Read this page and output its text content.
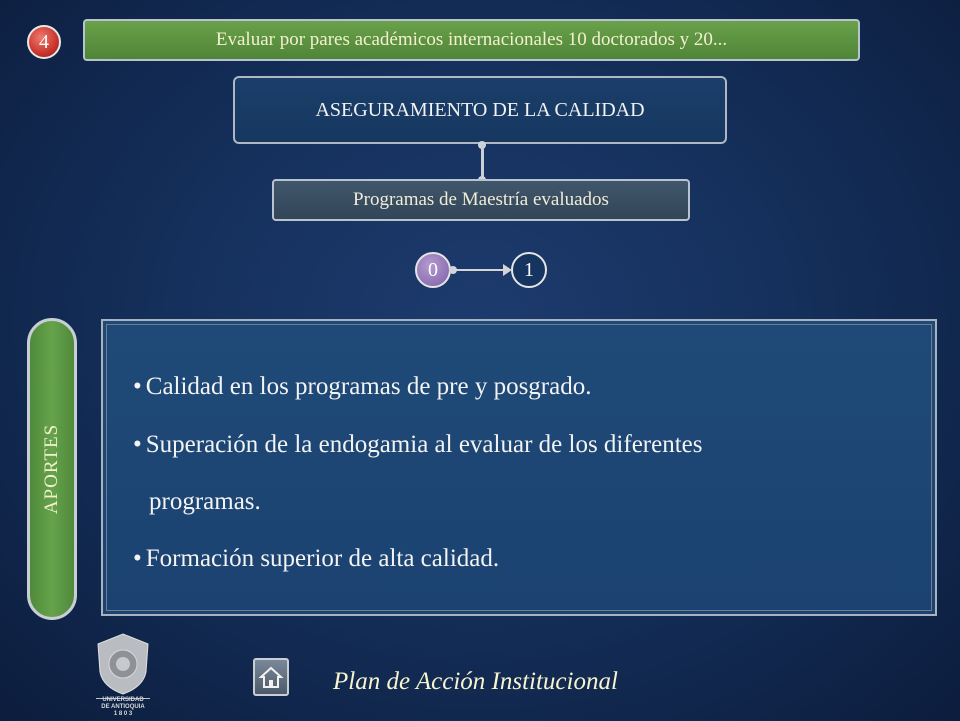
4	Evaluar por pares académicos internacionales 10 doctorados y 20...
ASEGURAMIENTO DE LA CALIDAD
Programas de Maestría evaluados
0	1
APORTES
• Calidad en los programas de pre y posgrado.
• Superación de la endogamia al evaluar de los diferentes
programas.
• Formación superior de alta calidad.
UNIVERSIDAD
DE ANTIOQUIA
1 8 0 3
Plan de Acción Institucional
